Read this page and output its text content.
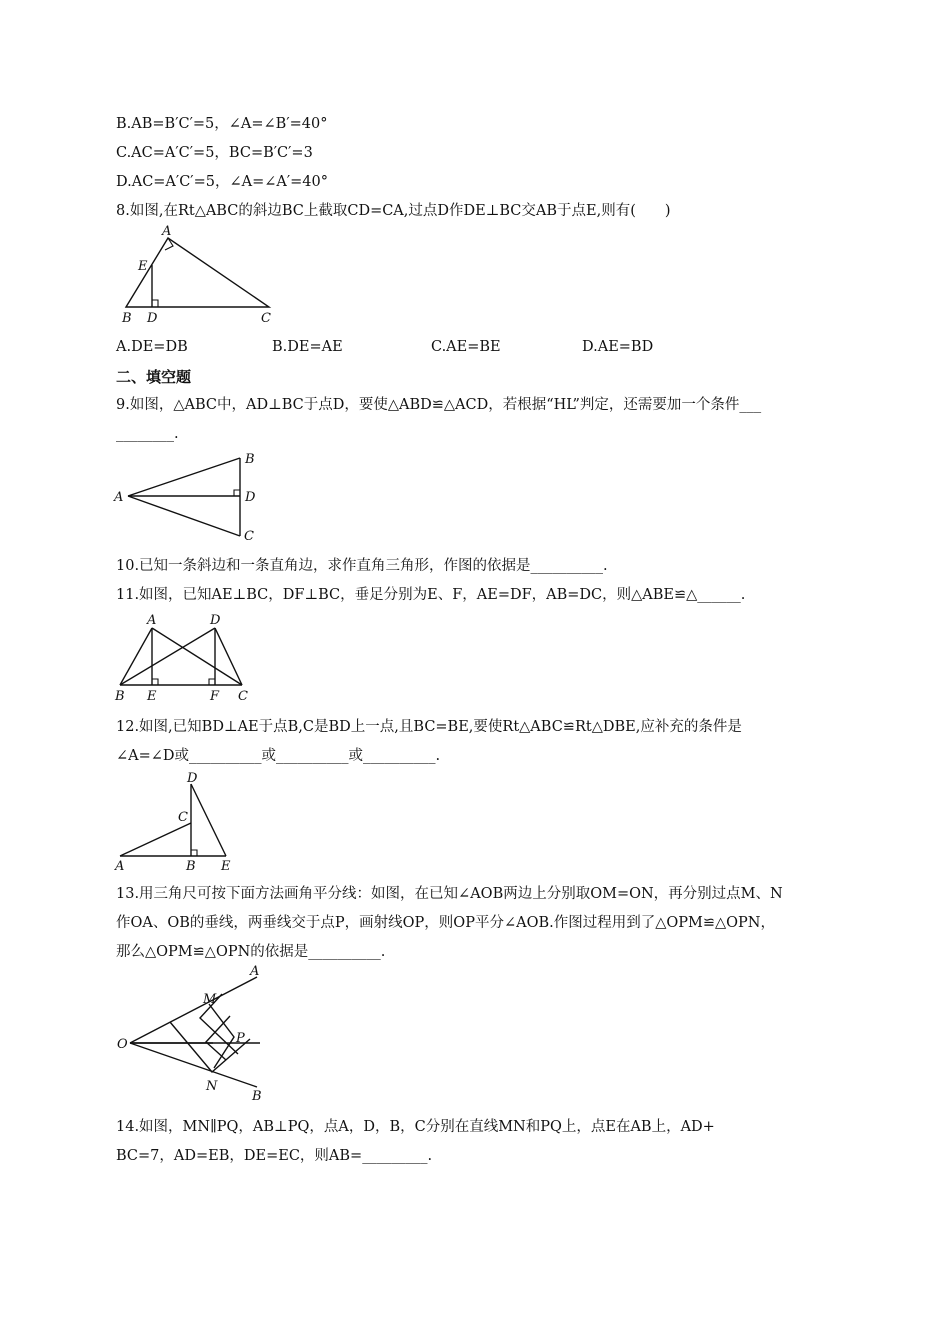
B.AB=B′C′=5，∠A=∠B′=40°
C.AC=A′C′=5，BC=B′C′=3
D.AC=A′C′=5，∠A=∠A′=40°
8.如图,在Rt△ABC的斜边BC上截取CD=CA,过点D作DE⊥BC交AB于点E,则有(　　)
A
E
B D	C
A.DE=DB	B.DE=AE	C.AE=BE	D.AE=BD
二、填空题
9.如图，△ABC中，AD⊥BC于点D，要使△ABD≌△ACD，若根据“HL”判定，还需要加一个条件___
________.
A
B
D
C
10.已知一条斜边和一条直角边，求作直角三角形，作图的依据是__________.
11.如图，已知AE⊥BC，DF⊥BC，垂足分别为E、F，AE=DF，AB=DC，则△ABE≌△______.
A	D
B E	F C
12.如图,已知BD⊥AE于点B,C是BD上一点,且BC=BE,要使Rt△ABC≌Rt△DBE,应补充的条件是
∠A=∠D或__________或__________或__________.
D
C
A	B E
13.用三角尺可按下面方法画角平分线：如图，在已知∠AOB两边上分别取OM=ON，再分别过点M、N
作OA、OB的垂线，两垂线交于点P，画射线OP，则OP平分∠AOB.作图过程用到了△OPM≌△OPN，
那么△OPM≌△OPN的依据是__________.
A
M
O	P
N
B
14.如图，MN∥PQ，AB⊥PQ，点A，D，B，C分别在直线MN和PQ上，点E在AB上，AD+
BC=7，AD=EB，DE=EC，则AB=_________.
